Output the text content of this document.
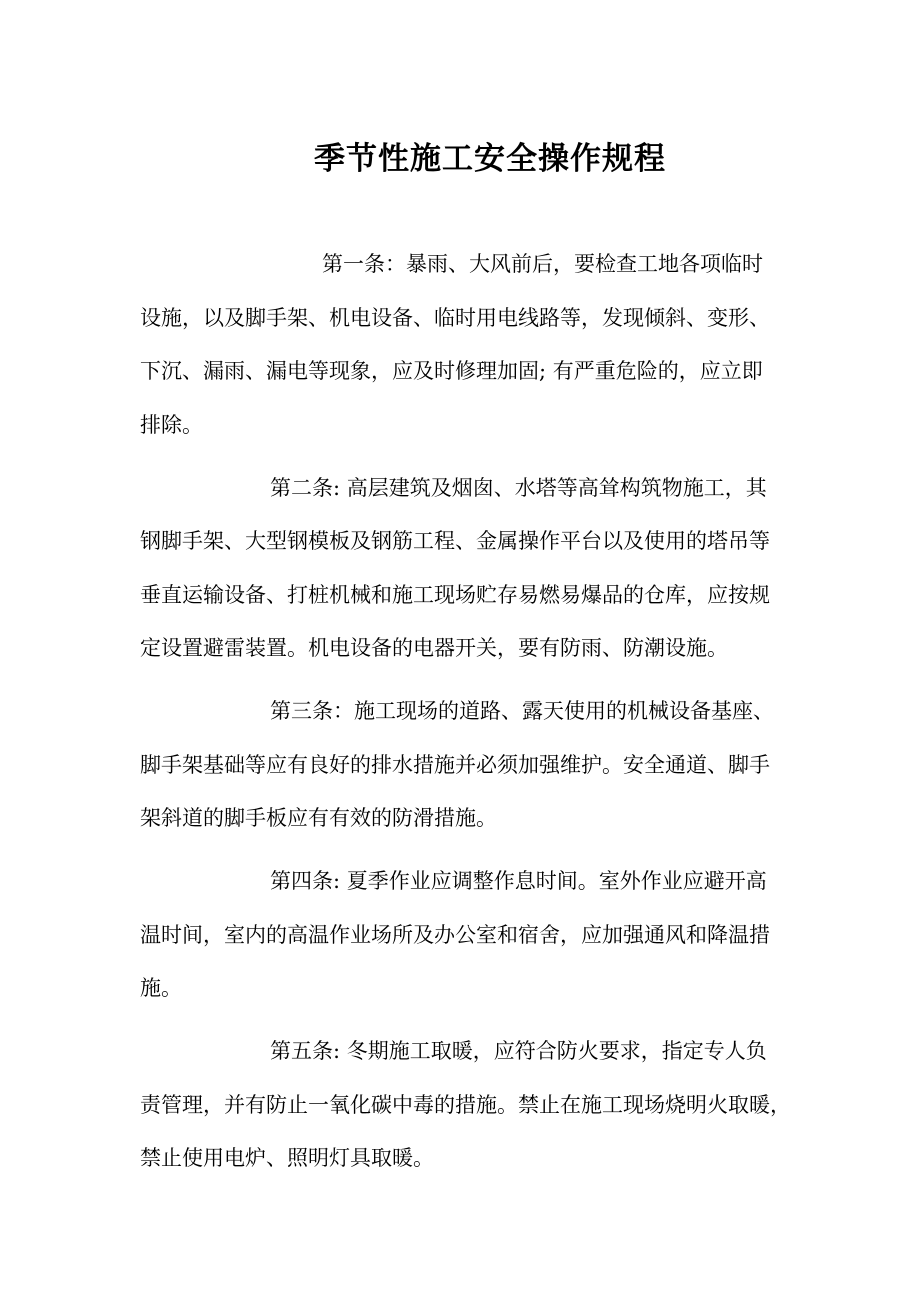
季节性施工安全操作规程
第一条：暴雨、大风前后，要检查工地各项临时
设施，以及脚手架、机电设备、临时用电线路等，发现倾斜、变形、
下沉、漏雨、漏电等现象，应及时修理加固; 有严重危险的，应立即
排除。
第二条: 高层建筑及烟囱、水塔等高耸构筑物施工，其
钢脚手架、大型钢模板及钢筋工程、金属操作平台以及使用的塔吊等
垂直运输设备、打桩机械和施工现场贮存易燃易爆品的仓库，应按规
定设置避雷装置。机电设备的电器开关，要有防雨、防潮设施。
第三条：施工现场的道路、露天使用的机械设备基座、
脚手架基础等应有良好的排水措施并必须加强维护。安全通道、脚手
架斜道的脚手板应有有效的防滑措施。
第四条: 夏季作业应调整作息时间。室外作业应避开高
温时间，室内的高温作业场所及办公室和宿舍，应加强通风和降温措
施。
第五条: 冬期施工取暖，应符合防火要求，指定专人负
责管理，并有防止一氧化碳中毒的措施。禁止在施工现场烧明火取暖，
禁止使用电炉、照明灯具取暖。
